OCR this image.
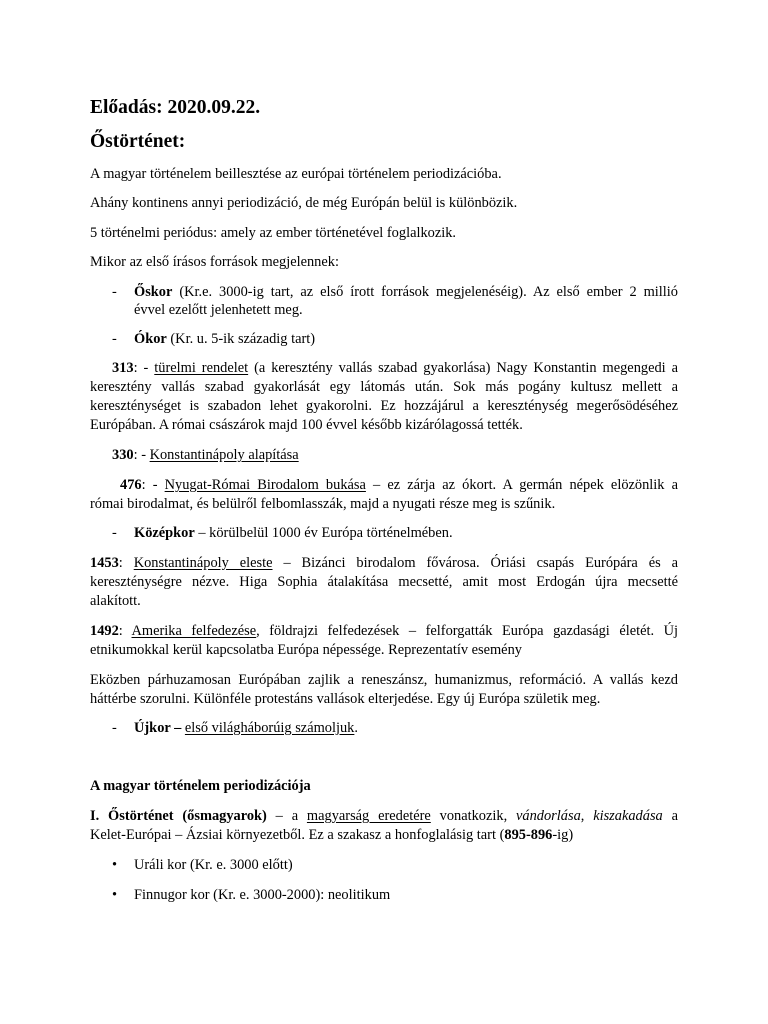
Előadás: 2020.09.22.
Őstörténet:
A magyar történelem beillesztése az európai történelem periodizációba.
Ahány kontinens annyi periodizáció, de még Európán belül is különbözik.
5 történelmi periódus: amely az ember történetével foglalkozik.
Mikor az első írásos források megjelennek:
- Őskor (Kr.e. 3000-ig tart, az első írott források megjelenéséig). Az első ember 2 millió
évvel ezelőtt jelenhetett meg.
- Ókor (Kr. u. 5-ik századig tart)
313: - türelmi rendelet (a keresztény vallás szabad gyakorlása) Nagy Konstantin megengedi a
keresztény vallás szabad gyakorlását egy látomás után. Sok más pogány kultusz mellett a
kereszténységet is szabadon lehet gyakorolni. Ez hozzájárul a kereszténység megerősödéséhez
Európában. A római császárok majd 100 évvel később kizárólagossá tették.
330: - Konstantinápoly alapítása
476: - Nyugat-Római Birodalom bukása – ez zárja az ókort. A germán népek elözönlik a
római birodalmat, és belülről felbomlasszák, majd a nyugati része meg is szűnik.
- Középkor – körülbelül 1000 év Európa történelmében.
1453: Konstantinápoly eleste – Bizánci birodalom fővárosa. Óriási csapás Európára és a
kereszténységre nézve. Higa Sophia átalakítása mecsetté, amit most Erdogán újra mecsetté
alakított.
1492: Amerika felfedezése, földrajzi felfedezések – felforgatták Európa gazdasági életét. Új
etnikumokkal kerül kapcsolatba Európa népessége. Reprezentatív esemény
Eközben párhuzamosan Európában zajlik a reneszánsz, humanizmus, reformáció. A vallás kezd
háttérbe szorulni. Különféle protestáns vallások elterjedése. Egy új Európa születik meg.
- Újkor – első világháborúig számoljuk.
A magyar történelem periodizációja
I. Őstörténet (ősmagyarok) – a magyarság eredetére vonatkozik, vándorlása, kiszakadása a
Kelet-Európai – Ázsiai környezetből. Ez a szakasz a honfoglalásig tart (895-896-ig)
• Uráli kor (Kr. e. 3000 előtt)
• Finnugor kor (Kr. e. 3000-2000): neolitikum
